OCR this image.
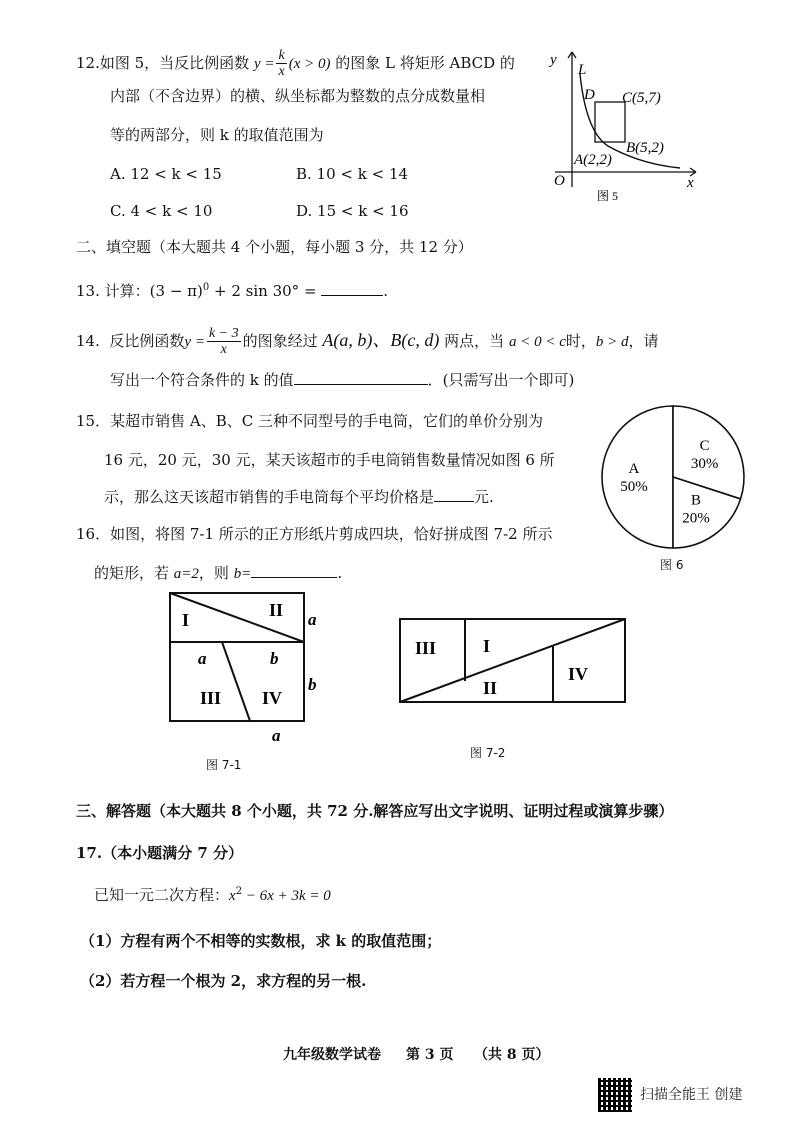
12.如图 5，当反比例函数 $y = \frac{k}{x} (x > 0)$ 的图象 L 将矩形 ABCD 的
内部（不含边界）的横、纵坐标都为整数的点分成数量相
等的两部分，则 k 的取值范围为
A. 12 < k < 15	B. 10 < k < 14
C. 4 < k < 10	D. 15 < k < 16
y
x
O
L
D C(5,7)
B(5,2)
A(2,2)
图 5
二、填空题（本大题共 4 个小题，每小题 3 分，共 12 分）
13. 计算：$(3 - \pi)^0 + 2$ sin 30° =	.
14. 反比例函数$y = \frac{k - 3}{x}$ 的图象经过 A(a, b)、B(c, d) 两点，当 a < 0 < c时，b > d，请
写出一个符合条件的 k 的值	．(只需写出一个即可)
15．某超市销售 A、B、C 三种不同型号的手电筒，它们的单价分别为
16 元，20 元，30 元，某天该超市的手电筒销售数量情况如图 6 所
示，那么这天该超市销售的手电筒每个平均价格是	元.
A
50%
C
30%
B
20%
图 6
16．如图，将图 7-1 所示的正方形纸片剪成四块，恰好拼成图 7-2 所示
的矩形，若 a=2，则 b=	.
I	II
III IV
a	b
a
b
a
图 7-1
III	I
II
IV
图 7-2
三、解答题（本大题共 8 个小题，共 72 分.解答应写出文字说明、证明过程或演算步骤）
17.（本小题满分 7 分）
已知一元二次方程：$x^2 - 6x + 3k = 0$
（1）方程有两个不相等的实数根，求 k 的取值范围；
（2）若方程一个根为 2，求方程的另一根.
九年级数学试卷 第 3 页 （共 8 页）
扫描全能王 创建
